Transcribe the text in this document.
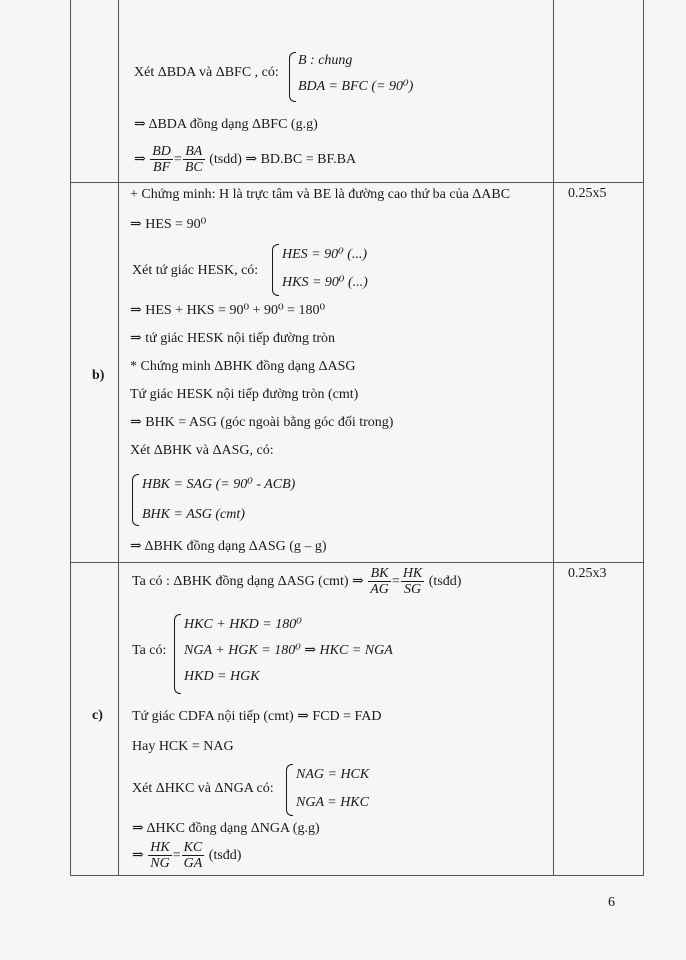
Xét ΔBDA và ΔBFC , có:
B : chung
BDA = BFC (= 90⁰)
⇒ ΔBDA đồng dạng ΔBFC (g.g)
⇒ $\frac{BD}{BF} = \frac{BA}{BC}$ (tsdd) ⇒ BD.BC = BF.BA
b)
0.25x5
+ Chứng minh: H là trực tâm và BE là đường cao thứ ba của ΔABC
⇒ HES = 90⁰
Xét tứ giác HESK, có:
HES = 90⁰ (...)
HKS = 90⁰ (...)
⇒ HES + HKS = 90⁰ + 90⁰ = 180⁰
⇒ tứ giác HESK nội tiếp đường tròn
* Chứng minh ΔBHK đồng dạng ΔASG
Tứ giác HESK nội tiếp đường tròn (cmt)
⇒ BHK = ASG (góc ngoài bằng góc đối trong)
Xét ΔBHK và ΔASG, có:
HBK = SAG (= 90⁰ - ACB)
BHK = ASG (cmt)
⇒ ΔBHK đồng dạng ΔASG (g – g)
c)
0.25x3
Ta có : ΔBHK đồng dạng ΔASG (cmt) ⇒ $\frac{BK}{AG} = \frac{HK}{SG}$ (tsđd)
Ta có:
HKC + HKD = 180⁰
NGA + HGK = 180⁰ ⇒ HKC = NGA
HKD = HGK
Tứ giác CDFA nội tiếp (cmt) ⇒ FCD = FAD
Hay HCK = NAG
Xét ΔHKC và ΔNGA có:
NAG = HCK
NGA = HKC
⇒ ΔHKC đồng dạng ΔNGA (g.g)
⇒ $\frac{HK}{NG} = \frac{KC}{GA}$ (tsđd)
6
